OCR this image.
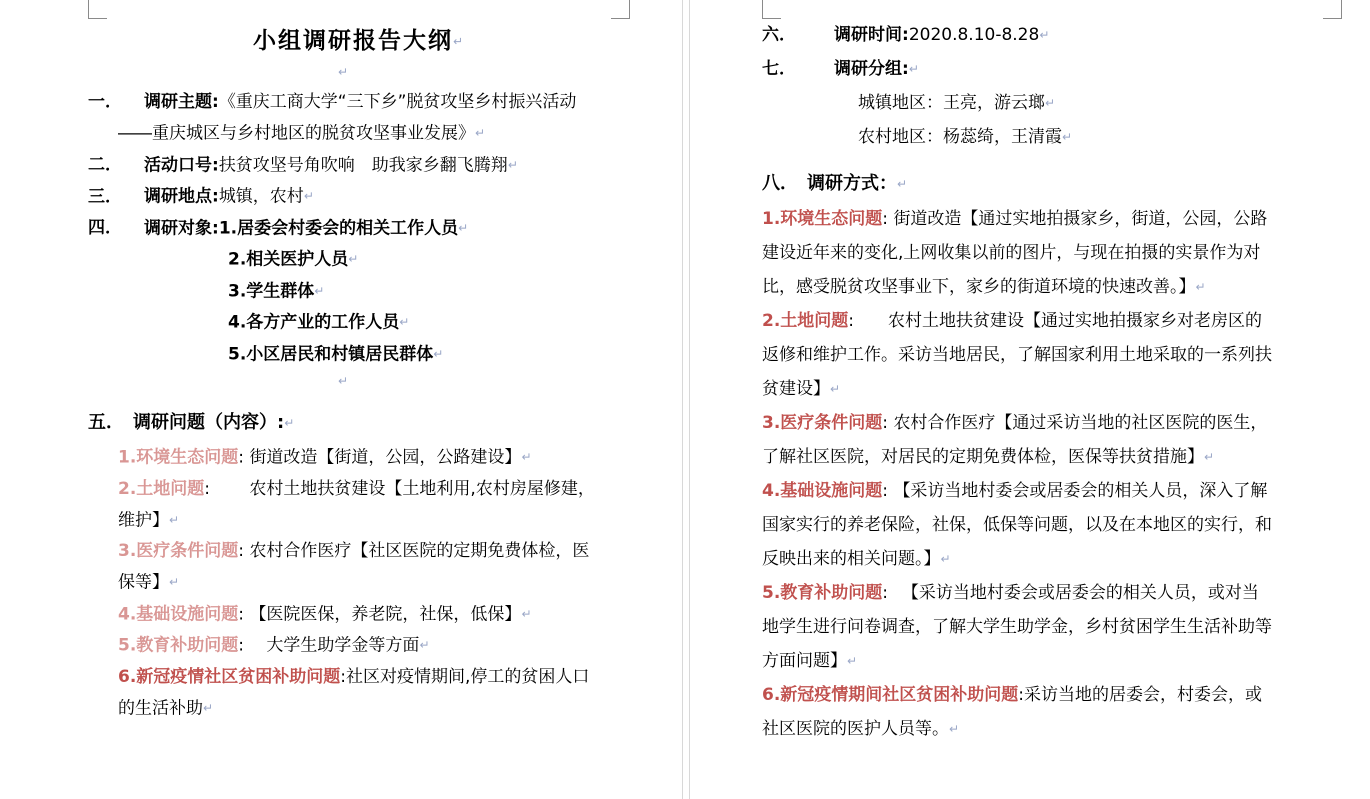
小组调研报告大纲↵
↵
一． 调研主题:《重庆工商大学“三下乡”脱贫攻坚乡村振兴活动
――重庆城区与乡村地区的脱贫攻坚事业发展》↵
二． 活动口号:扶贫攻坚号角吹响　助我家乡翻飞腾翔↵
三． 调研地点:城镇，农村↵
四． 调研对象:1.居委会村委会的相关工作人员↵
2.相关医护人员↵
3.学生群体↵
4.各方产业的工作人员↵
5.小区居民和村镇居民群体↵
↵
五．　调研问题（内容）:↵
1.环境生态问题: 街道改造【街道，公园，公路建设】↵
2.土地问题: 　　农村土地扶贫建设【土地利用,农村房屋修建，
维护】↵
3.医疗条件问题: 农村合作医疗【社区医院的定期免费体检，医
保等】↵
4.基础设施问题: 【医院医保，养老院，社保，低保】↵
5.教育补助问题: 　大学生助学金等方面↵
6.新冠疫情社区贫困补助问题:社区对疫情期间,停工的贫困人口
的生活补助↵
六． 调研时间:2020.8.10-8.28↵
七． 调研分组:↵
城镇地区：王亮，游云瑯↵
农村地区：杨蕊绮，王清霞↵
八．　调研方式：↵
1.环境生态问题: 街道改造【通过实地拍摄家乡，街道，公园，公路
建设近年来的变化,上网收集以前的图片，与现在拍摄的实景作为对
比，感受脱贫攻坚事业下，家乡的街道环境的快速改善。】↵
2.土地问题:　　农村土地扶贫建设【通过实地拍摄家乡对老房区的
返修和维护工作。采访当地居民，了解国家利用土地采取的一系列扶
贫建设】↵
3.医疗条件问题: 农村合作医疗【通过采访当地的社区医院的医生，
了解社区医院，对居民的定期免费体检，医保等扶贫措施】↵
4.基础设施问题: 【采访当地村委会或居委会的相关人员，深入了解
国家实行的养老保险，社保，低保等问题，以及在本地区的实行，和
反映出来的相关问题。】↵
5.教育补助问题: 　【采访当地村委会或居委会的相关人员，或对当
地学生进行问卷调查，了解大学生助学金，乡村贫困学生生活补助等
方面问题】↵
6.新冠疫情期间社区贫困补助问题:采访当地的居委会，村委会，或
社区医院的医护人员等。↵
